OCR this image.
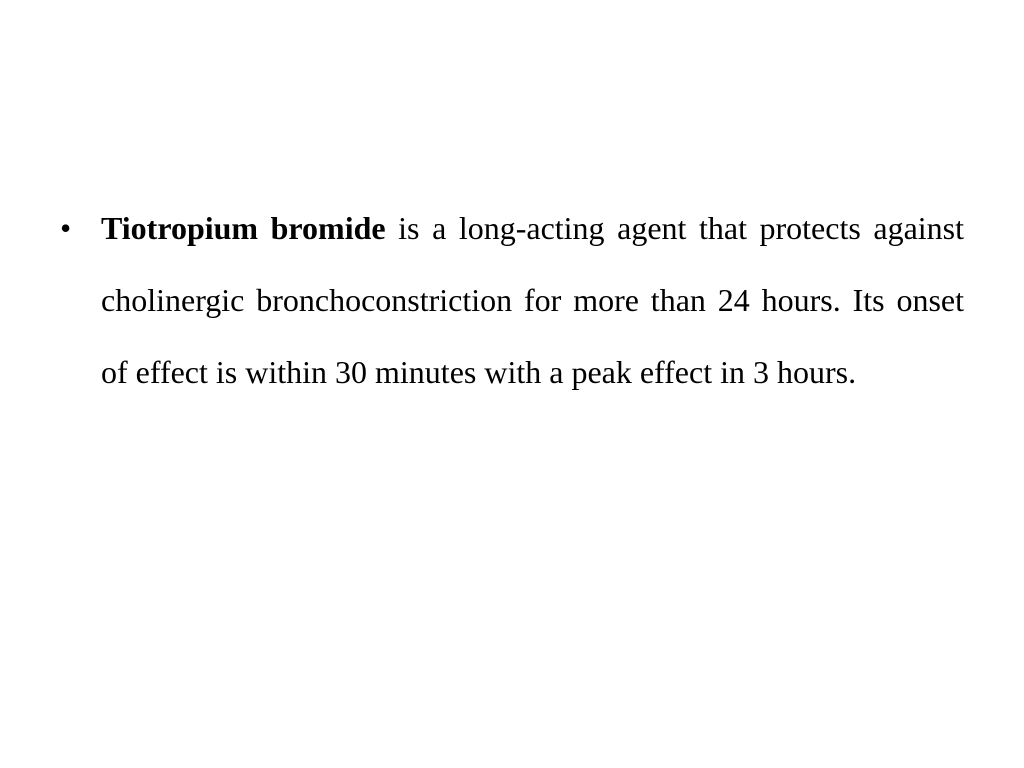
• Tiotropium bromide is a long-acting agent that protects against cholinergic bronchoconstriction for more than 24 hours. Its onset of effect is within 30 minutes with a peak effect in 3 hours.
